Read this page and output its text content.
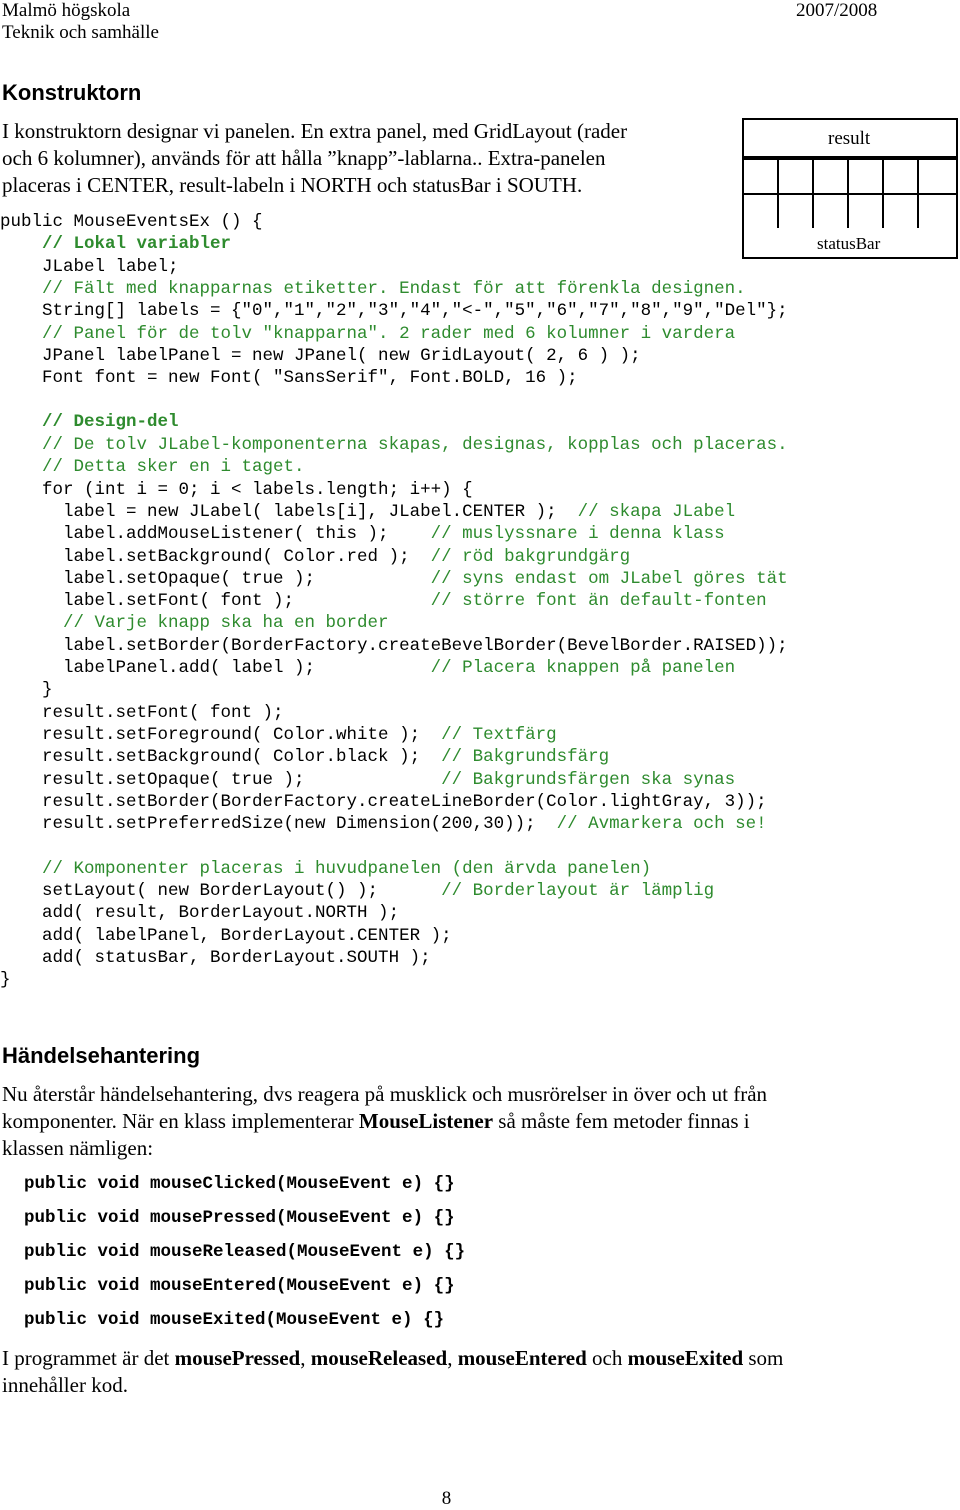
Malmö högskola
Teknik och samhälle
2007/2008
Konstruktorn
I konstruktorn designar vi panelen. En extra panel, med GridLayout (rader
och 6 kolumner), används för att hålla ”knapp”-lablarna.. Extra-panelen
placeras i CENTER, result-labeln i NORTH och statusBar i SOUTH.
result
statusBar
public MouseEventsEx () {
// Lokal variabler
JLabel label;
// Fält med knapparnas etiketter. Endast för att förenkla designen.
String[] labels = {"0","1","2","3","4","<-","5","6","7","8","9","Del"};
// Panel för de tolv "knapparna". 2 rader med 6 kolumner i vardera
JPanel labelPanel = new JPanel( new GridLayout( 2, 6 ) );
Font font = new Font( "SansSerif", Font.BOLD, 16 );
// Design-del
// De tolv JLabel-komponenterna skapas, designas, kopplas och placeras.
// Detta sker en i taget.
for (int i = 0; i < labels.length; i++) {
label = new JLabel( labels[i], JLabel.CENTER );  // skapa JLabel
label.addMouseListener( this );    // muslyssnare i denna klass
label.setBackground( Color.red );  // röd bakgrundgärg
label.setOpaque( true );           // syns endast om JLabel göres tät
label.setFont( font );             // större font än default-fonten
// Varje knapp ska ha en border
label.setBorder(BorderFactory.createBevelBorder(BevelBorder.RAISED));
labelPanel.add( label );           // Placera knappen på panelen
}
result.setFont( font );
result.setForeground( Color.white );  // Textfärg
result.setBackground( Color.black );  // Bakgrundsfärg
result.setOpaque( true );             // Bakgrundsfärgen ska synas
result.setBorder(BorderFactory.createLineBorder(Color.lightGray, 3));
result.setPreferredSize(new Dimension(200,30));  // Avmarkera och se!
// Komponenter placeras i huvudpanelen (den ärvda panelen)
setLayout( new BorderLayout() );      // Borderlayout är lämplig
add( result, BorderLayout.NORTH );
add( labelPanel, BorderLayout.CENTER );
add( statusBar, BorderLayout.SOUTH );
}
Händelsehantering
Nu återstår händelsehantering, dvs reagera på musklick och musrörelser in över och ut från
komponenter. När en klass implementerar MouseListener så måste fem metoder finnas i
klassen nämligen:
public void mouseClicked(MouseEvent e) {}
public void mousePressed(MouseEvent e) {}
public void mouseReleased(MouseEvent e) {}
public void mouseEntered(MouseEvent e) {}
public void mouseExited(MouseEvent e) {}
I programmet är det mousePressed, mouseReleased, mouseEntered och mouseExited som
innehåller kod.
8
